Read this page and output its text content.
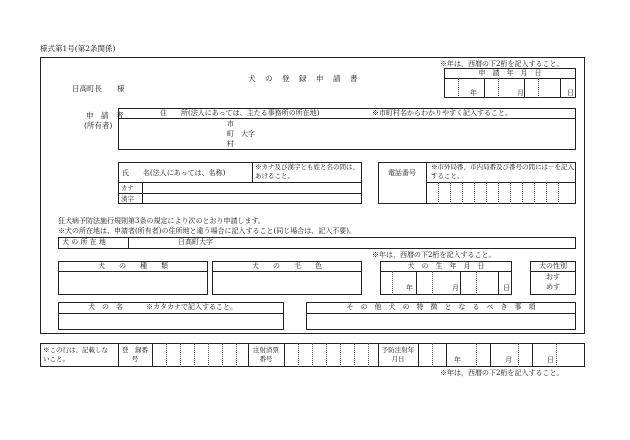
様式第1号(第2条関係)
※年は，西暦の下2桁を記入すること。
犬　の　登　録　申　請　書
日高町長　　様
申　請　年　月　日
年	月	日
申　請　者
(所有者)
住　　所(法人にあっては、主たる事務所の所在地)	※市町村名からわかりやすく記入すること。
市
町　大字
村
氏　　名(法人にあっては、名称)
※カナ及び漢字とも姓と名の間は、あけること。
カナ
漢字
電話番号
※市外局番、市内局番及び番号の間には－を記入すること。
狂犬病予防法施行規則第3条の規定により次のとおり申請します。
※犬の所在地は、申請者(所有者)の住所地と違う場合に記入すること(同じ場合は、記入不要)。
犬 の 所 在 地	日高町大字
※年は，西暦の下2桁を記入すること。
犬　　の　　種　　類	犬　　の　　毛　　色	犬　の　生　年　月　日
年	月	日
犬の性別
おす
めす
犬　の　名	※カタカナで記入すること。	そ　の　他　犬　の　特　徴　と　な　る　べ　き　事　項
※この行は、記載しないこと。
登　録番　号
注射済票番号
予防注射年月日	年	月	日
※年は，西暦の下2桁を記入すること。
